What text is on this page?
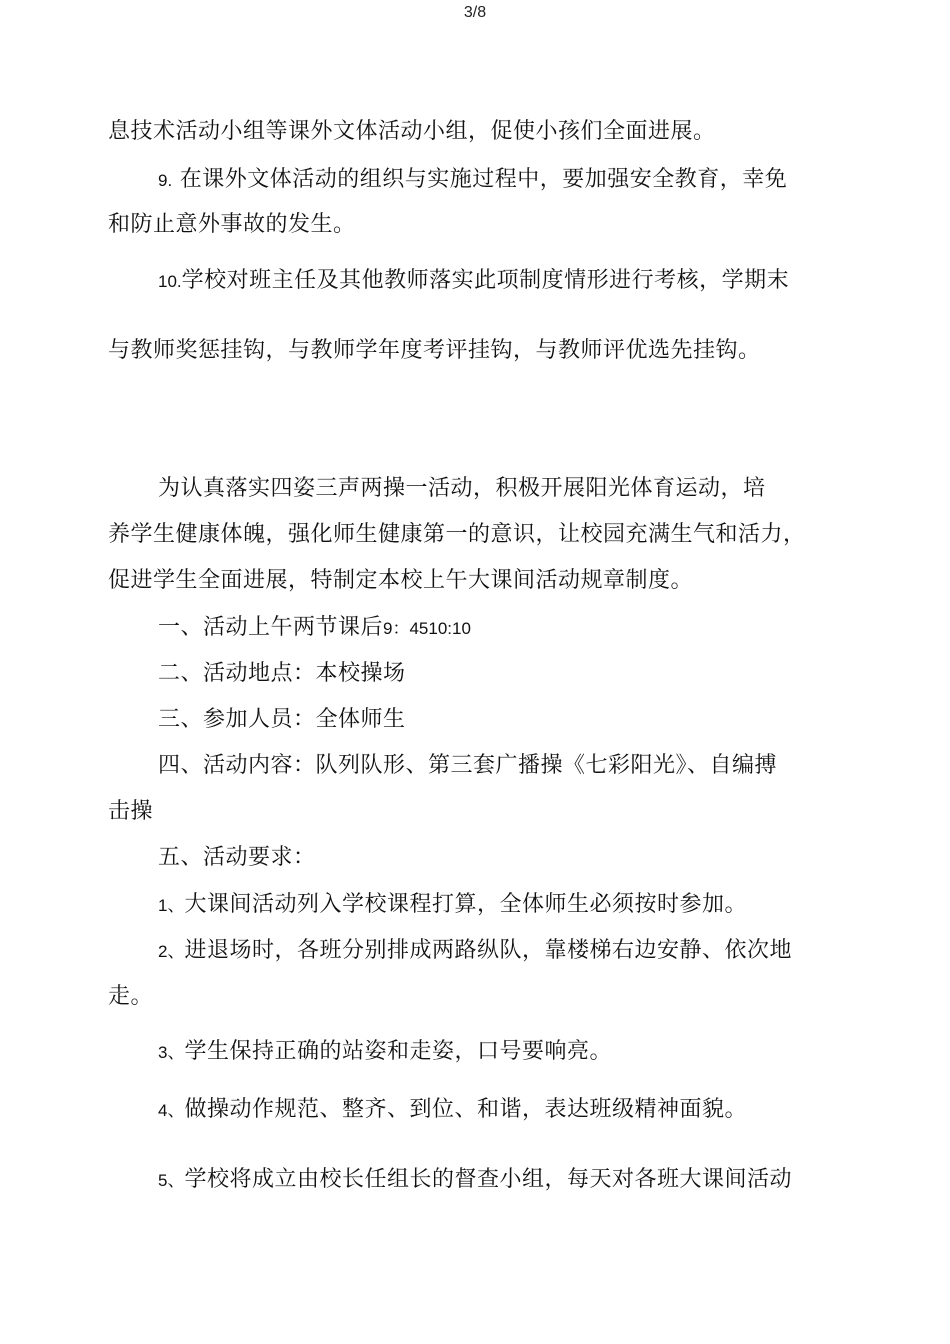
3/8
息技术活动小组等课外文体活动小组，促使小孩们全面进展。
9. 在课外文体活动的组织与实施过程中，要加强安全教育，幸免
和防止意外事故的发生。
10.学校对班主任及其他教师落实此项制度情形进行考核，学期末
与教师奖惩挂钩，与教师学年度考评挂钩，与教师评优选先挂钩。
为认真落实四姿三声两操一活动，积极开展阳光体育运动，培
养学生健康体魄，强化师生健康第一的意识，让校园充满生气和活力，
促进学生全面进展，特制定本校上午大课间活动规章制度。
一、活动上午两节课后9：4510:10
二、活动地点：本校操场
三、参加人员：全体师生
四、活动内容：队列队形、第三套广播操《七彩阳光》、自编搏
击操
五、活动要求：
1、大课间活动列入学校课程打算，全体师生必须按时参加。
2、进退场时，各班分别排成两路纵队，靠楼梯右边安静、依次地
走。
3、学生保持正确的站姿和走姿，口号要响亮。
4、做操动作规范、整齐、到位、和谐，表达班级精神面貌。
5、学校将成立由校长任组长的督查小组，每天对各班大课间活动
